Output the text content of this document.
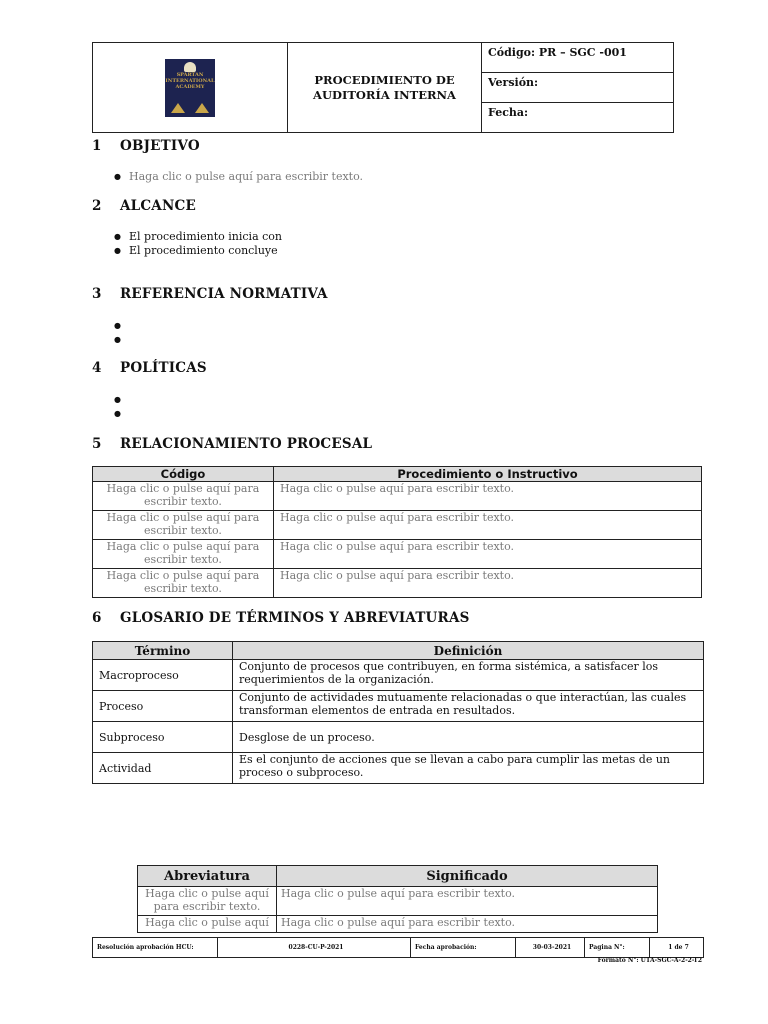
SPARTAN INTERNATIONAL ACADEMY	PROCEDIMIENTO DE
AUDITORÍA INTERNA
	Código: PR – SGC -001
Versión:
Fecha:
1 OBJETIVO
● Haga clic o pulse aquí para escribir texto.
2 ALCANCE
● El procedimiento inicia con
● El procedimiento concluye
3 REFERENCIA NORMATIVA
●
●
4 POLÍTICAS
●
●
5 RELACIONAMIENTO PROCESAL
Código	Procedimiento o Instructivo
Haga clic o pulse aquí para escribir texto.	Haga clic o pulse aquí para escribir texto.
Haga clic o pulse aquí para escribir texto.	Haga clic o pulse aquí para escribir texto.
Haga clic o pulse aquí para escribir texto.	Haga clic o pulse aquí para escribir texto.
Haga clic o pulse aquí para escribir texto.	Haga clic o pulse aquí para escribir texto.
6 GLOSARIO DE TÉRMINOS Y ABREVIATURAS
Término	Definición
Macroproceso	Conjunto de procesos que contribuyen, en forma sistémica, a satisfacer los requerimientos de la organización.
Proceso	Conjunto de actividades mutuamente relacionadas o que interactúan, las cuales transforman elementos de entrada en resultados.
Subproceso	Desglose de un proceso.
Actividad	Es el conjunto de acciones que se llevan a cabo para cumplir las metas de un proceso o subproceso.
Abreviatura	Significado
Haga clic o pulse aquí para escribir texto.	Haga clic o pulse aquí para escribir texto.
Haga clic o pulse aquí	Haga clic o pulse aquí para escribir texto.
Resolución aprobación HCU:	0228-CU-P-2021	Fecha aprobación:	30-03-2021	Pagina N°:	1 de 7
Formato N°: UTA-SGC-A-2-2-T2
